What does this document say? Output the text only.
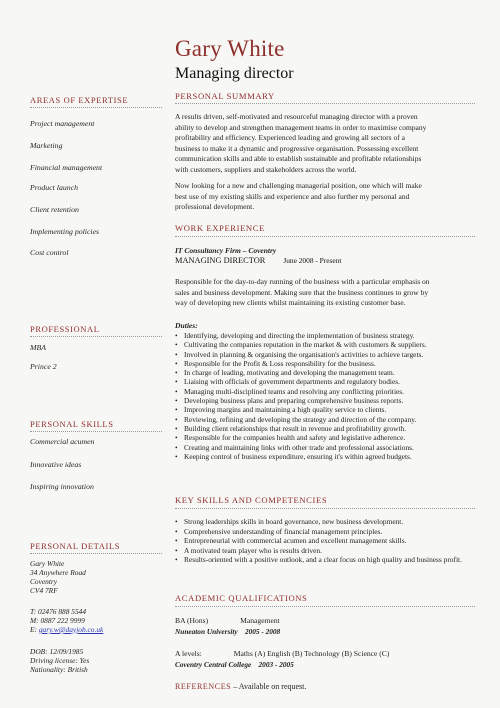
Gary White
Managing director
AREAS OF EXPERTISE
Project management
Marketing
Financial management
Product launch
Client retention
Implementing policies
Cost control
PROFESSIONAL
MBA
Prince 2
PERSONAL SKILLS
Commercial acumen
Innovative ideas
Inspiring innovation
PERSONAL DETAILS
Gary White
34 Anywhere Road
Coventry
CV4 7RF
T: 02476 888 5544
M: 0887 222 9999
E: gary.w@dayjob.co.uk
DOB: 12/09/1985
Driving license: Yes
Nationality: British
PERSONAL SUMMARY
A results driven, self-motivated and resourceful managing director with a proven
ability to develop and strengthen management teams in order to maximise company
profitability and efficiency. Experienced leading and growing all sectors of a
business to make it a dynamic and progressive organisation. Possessing excellent
communication skills and able to establish sustainable and profitable relationships
with customers, suppliers and stakeholders across the world.
Now looking for a new and challenging managerial position, one which will make
best use of my existing skills and experience and also further my personal and
professional development.
WORK EXPERIENCE
IT Consultancy Firm – Coventry
MANAGING DIRECTOR June 2008 - Present
Responsible for the day-to-day running of the business with a particular emphasis on
sales and business development. Making sure that the business continues to grow by
way of developing new clients whilst maintaining its existing customer base.
Duties:
• Identifying, developing and directing the implementation of business strategy.
• Cultivating the companies reputation in the market & with customers & suppliers.
• Involved in planning & organising the organisation's activities to achieve targets.
• Responsible for the Profit & Loss responsibility for the business.
• In charge of leading, motivating and developing the management team.
• Liaising with officials of government departments and regulatory bodies.
• Managing multi-disciplined teams and resolving any conflicting priorities.
• Developing business plans and preparing comprehensive business reports.
• Improving margins and maintaining a high quality service to clients.
• Reviewing, refining and developing the strategy and direction of the company.
• Building client relationships that result in revenue and profitability growth.
• Responsible for the companies health and safety and legislative adherence.
• Creating and maintaining links with other trade and professional associations.
• Keeping control of business expenditure, ensuring it's within agreed budgets.
KEY SKILLS AND COMPETENCIES
• Strong leaderships skills in board governance, new business development.
• Comprehensive understanding of financial management principles.
• Entrepreneurial with commercial acumen and excellent management skills.
• A motivated team player who is results driven.
• Results-oriented with a positive outlook, and a clear focus on high quality and business profit.
ACADEMIC QUALIFICATIONS
BA (Hons)	Management
Nuneaton University 2005 - 2008
A levels:	Maths (A) English (B) Technology (B) Science (C)
Coventry Central College 2003 - 2005
REFERENCES – Available on request.
